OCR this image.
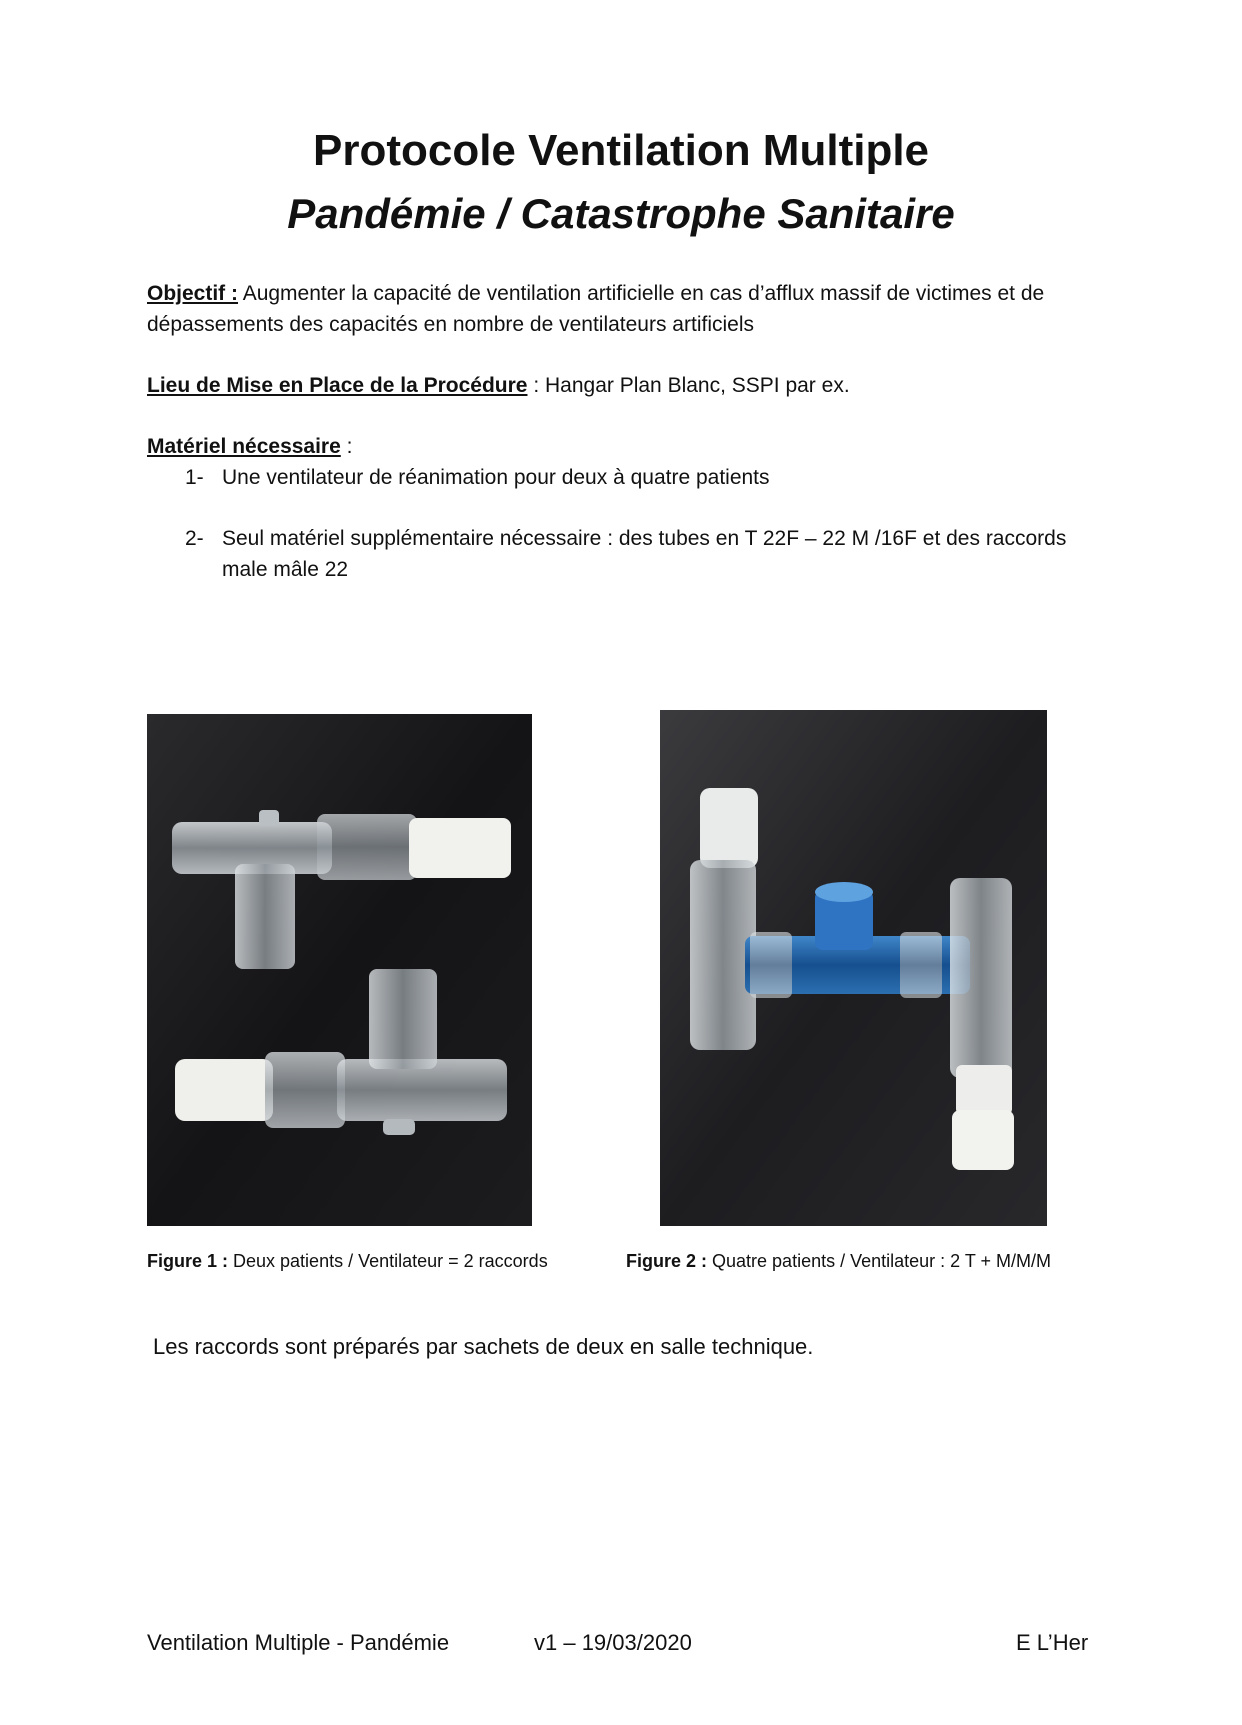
Protocole Ventilation Multiple
Pandémie / Catastrophe Sanitaire

Objectif : Augmenter la capacité de ventilation artificielle en cas d’afflux massif de victimes et de dépassements des capacités en nombre de ventilateurs artificiels

Lieu de Mise en Place de la Procédure : Hangar Plan Blanc, SSPI par ex.

Matériel nécessaire :

1- Une ventilateur de réanimation pour deux à quatre patients
2- Seul matériel supplémentaire nécessaire : des tubes en T 22F – 22 M /16F et des raccords male mâle 22
Figure 1 : Deux patients / Ventilateur = 2 raccords	Figure 2 : Quatre patients / Ventilateur : 2 T + M/M/M

Les raccords sont préparés par sachets de deux en salle technique.

Ventilation Multiple - Pandémie	v1 – 19/03/2020	E L’Her
